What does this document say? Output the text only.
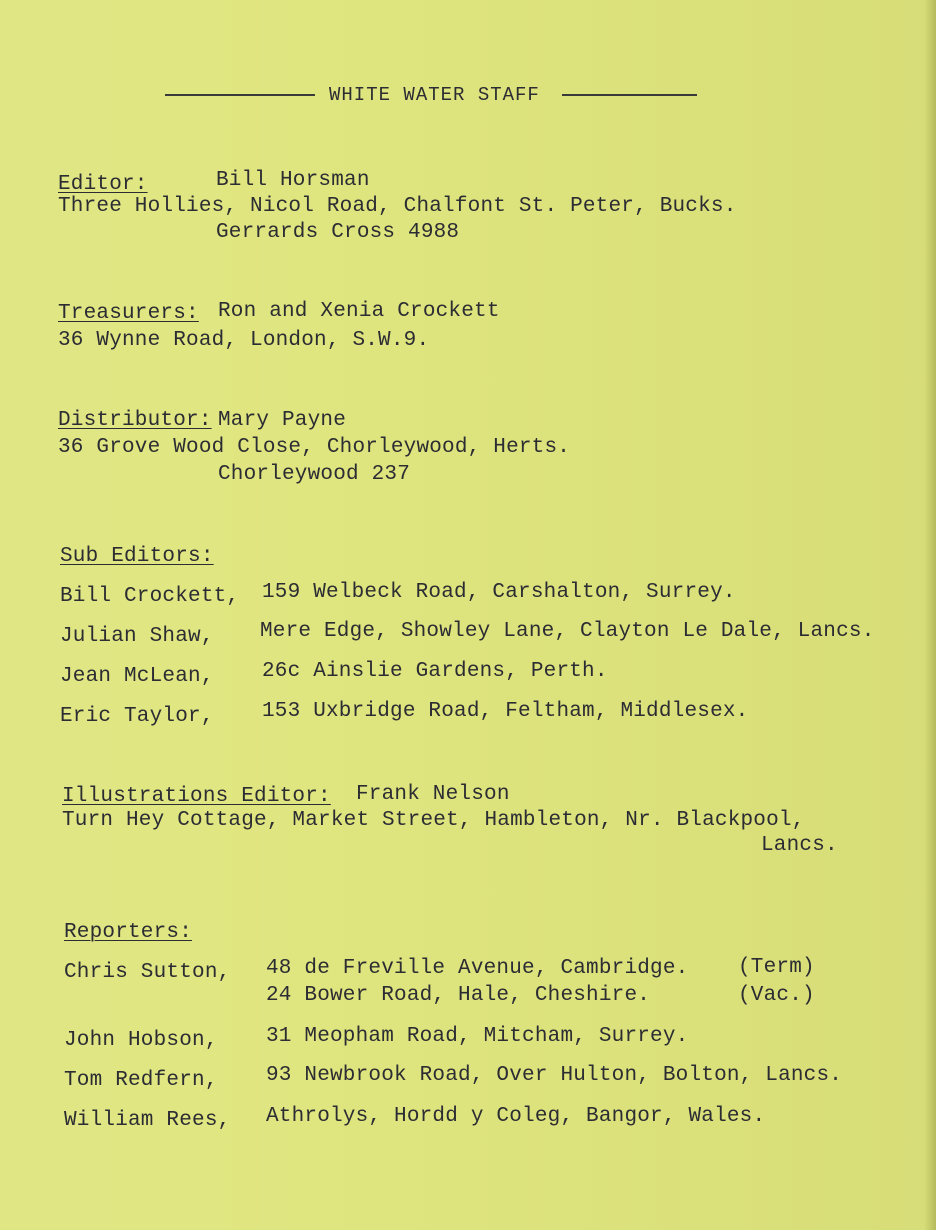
WHITE WATER STAFF
Editor:	Bill Horsman
Three Hollies, Nicol Road, Chalfont St. Peter, Bucks.
Gerrards Cross 4988
Treasurers: Ron and Xenia Crockett
36 Wynne Road, London, S.W.9.
Distributor: Mary Payne
36 Grove Wood Close, Chorleywood, Herts.
Chorleywood 237
Sub Editors:
Bill Crockett, 159 Welbeck Road, Carshalton, Surrey.
Julian Shaw, Mere Edge, Showley Lane, Clayton Le Dale, Lancs.
Jean McLean, 26c Ainslie Gardens, Perth.
Eric Taylor, 153 Uxbridge Road, Feltham, Middlesex.
Illustrations Editor: Frank Nelson
Turn Hey Cottage, Market Street, Hambleton, Nr. Blackpool,
Lancs.
Reporters:
Chris Sutton, 48 de Freville Avenue, Cambridge. (Term)
24 Bower Road, Hale, Cheshire.	(Vac.)
John Hobson, 31 Meopham Road, Mitcham, Surrey.
Tom Redfern, 93 Newbrook Road, Over Hulton, Bolton, Lancs.
William Rees, Athrolys, Hordd y Coleg, Bangor, Wales.
